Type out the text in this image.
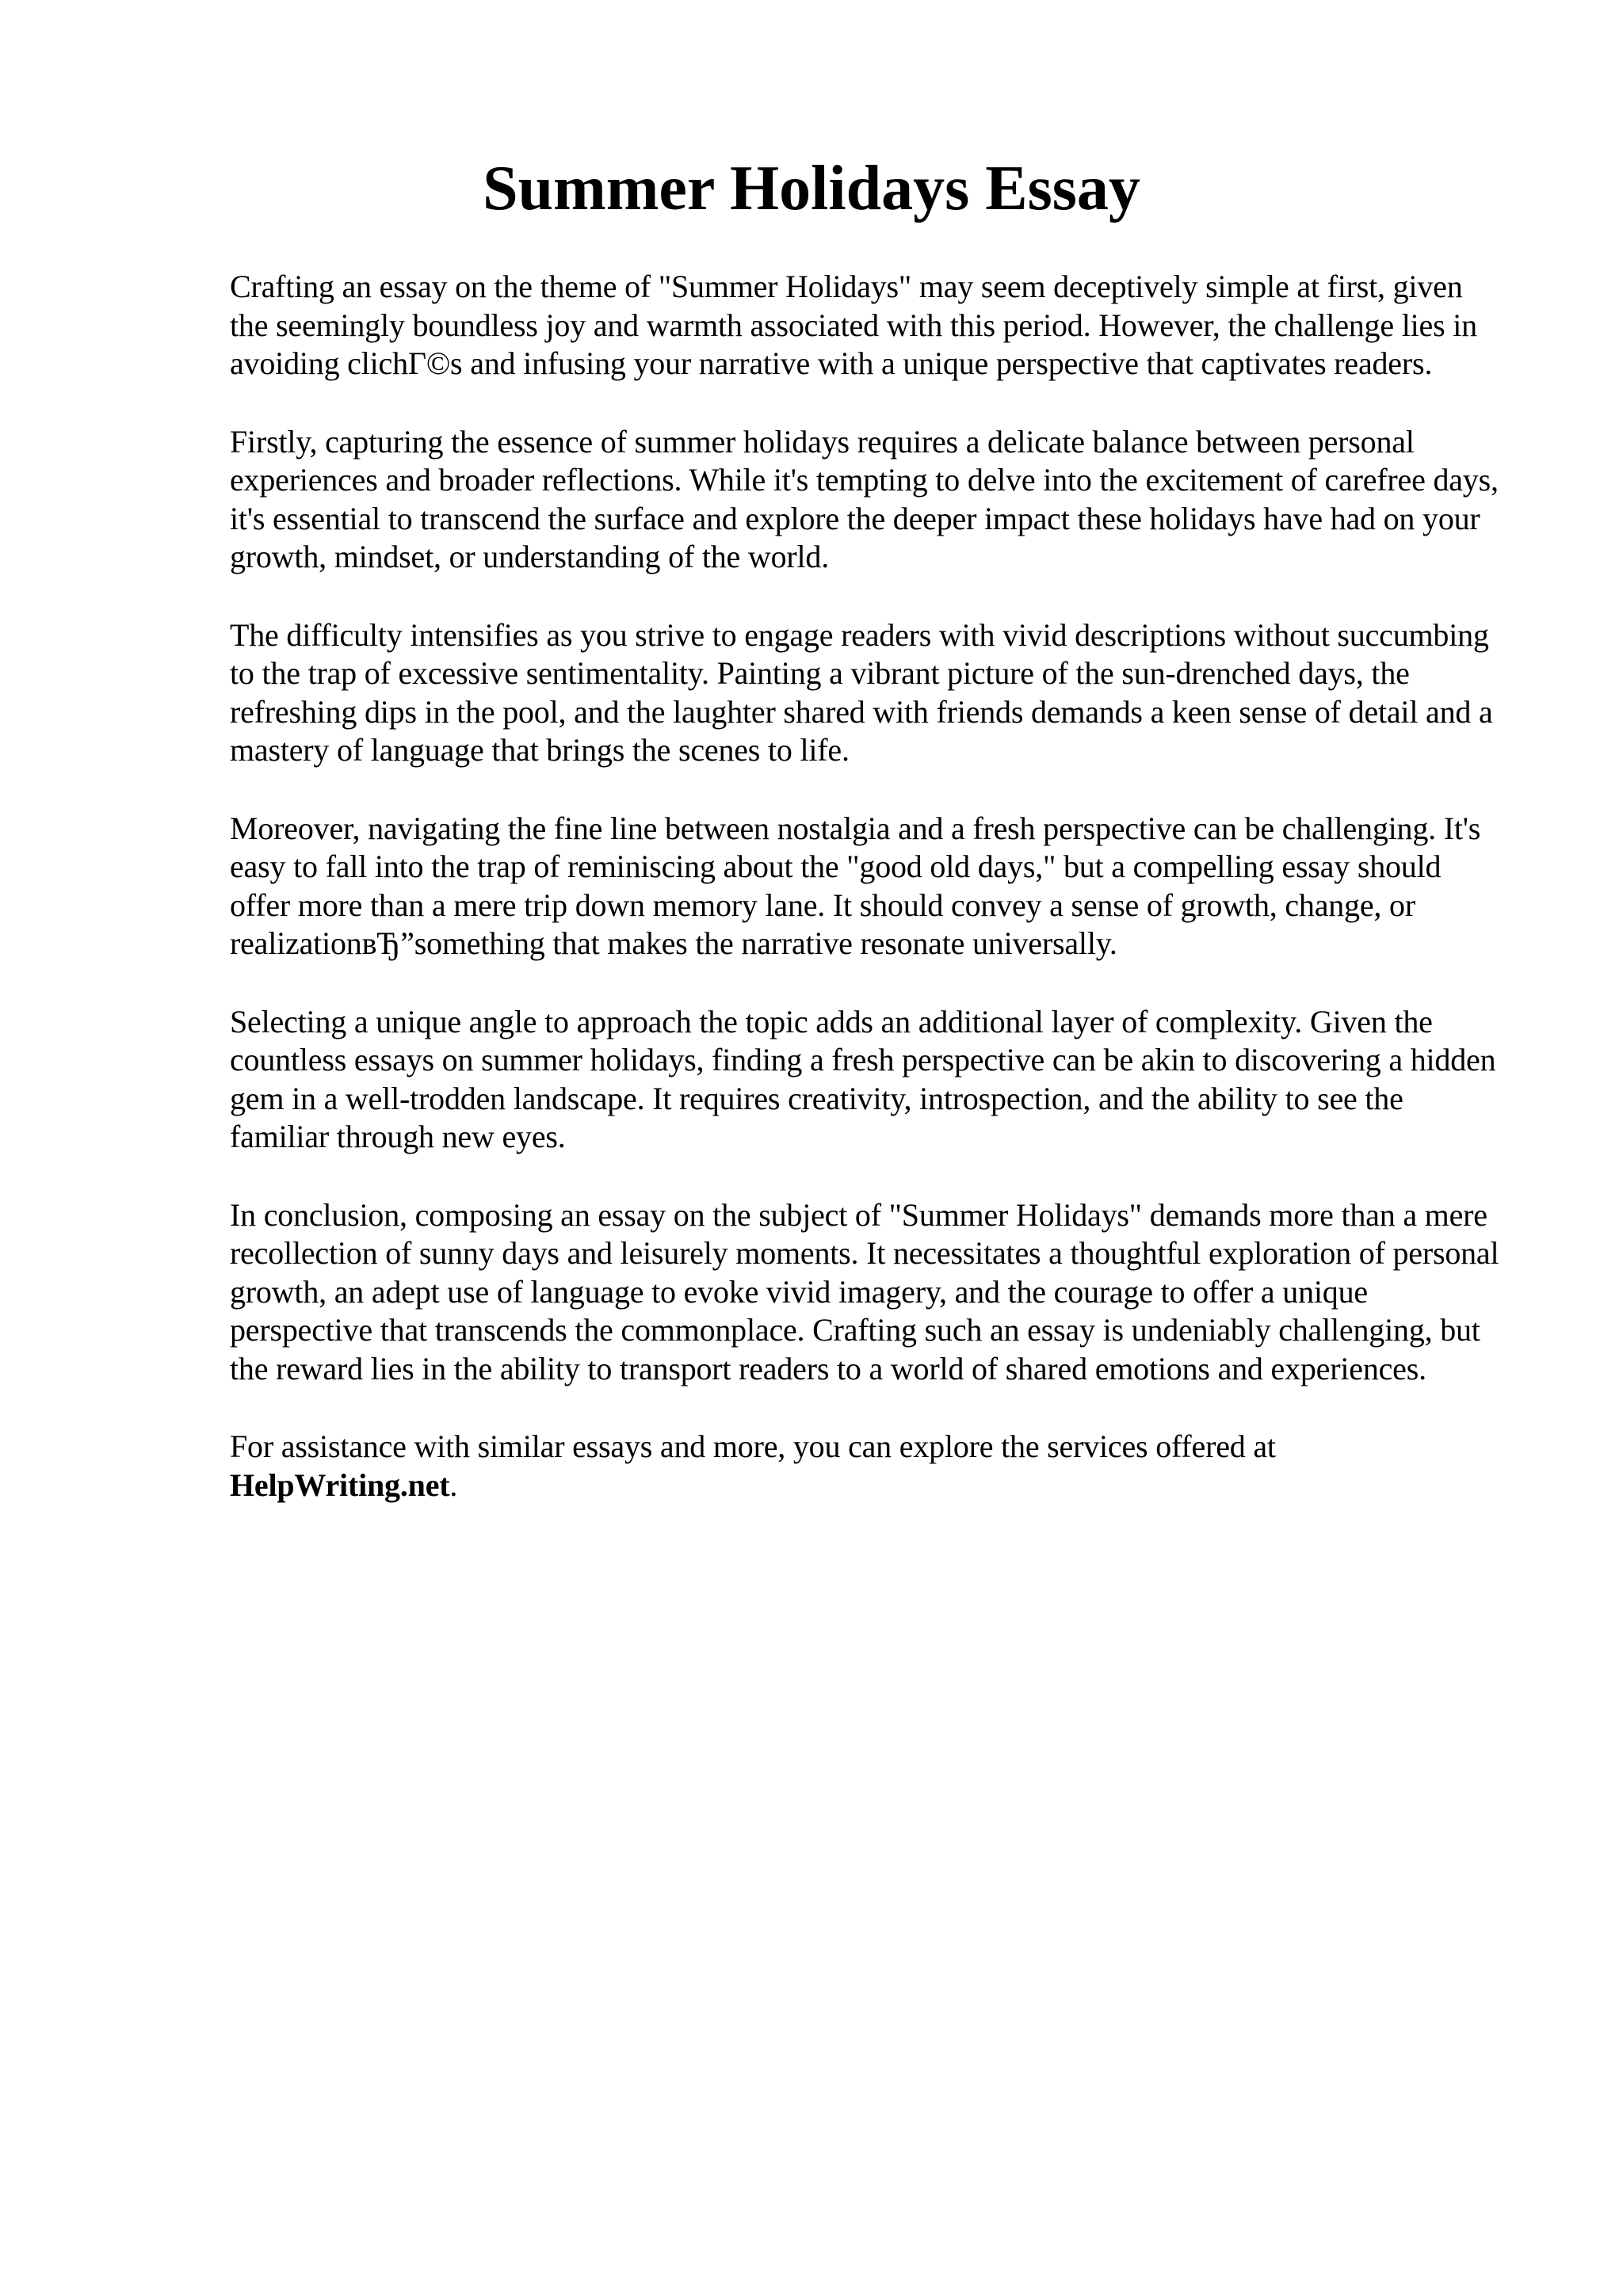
Summer Holidays Essay

Crafting an essay on the theme of "Summer Holidays" may seem deceptively simple at first, given the seemingly boundless joy and warmth associated with this period. However, the challenge lies in avoiding clichГ©s and infusing your narrative with a unique perspective that captivates readers.

Firstly, capturing the essence of summer holidays requires a delicate balance between personal experiences and broader reflections. While it's tempting to delve into the excitement of carefree days, it's essential to transcend the surface and explore the deeper impact these holidays have had on your growth, mindset, or understanding of the world.

The difficulty intensifies as you strive to engage readers with vivid descriptions without succumbing to the trap of excessive sentimentality. Painting a vibrant picture of the sun-drenched days, the refreshing dips in the pool, and the laughter shared with friends demands a keen sense of detail and a mastery of language that brings the scenes to life.

Moreover, navigating the fine line between nostalgia and a fresh perspective can be challenging. It's easy to fall into the trap of reminiscing about the "good old days," but a compelling essay should offer more than a mere trip down memory lane. It should convey a sense of growth, change, or realizationвЂ”something that makes the narrative resonate universally.

Selecting a unique angle to approach the topic adds an additional layer of complexity. Given the countless essays on summer holidays, finding a fresh perspective can be akin to discovering a hidden gem in a well-trodden landscape. It requires creativity, introspection, and the ability to see the familiar through new eyes.

In conclusion, composing an essay on the subject of "Summer Holidays" demands more than a mere recollection of sunny days and leisurely moments. It necessitates a thoughtful exploration of personal growth, an adept use of language to evoke vivid imagery, and the courage to offer a unique perspective that transcends the commonplace. Crafting such an essay is undeniably challenging, but the reward lies in the ability to transport readers to a world of shared emotions and experiences.

For assistance with similar essays and more, you can explore the services offered at HelpWriting.net.
